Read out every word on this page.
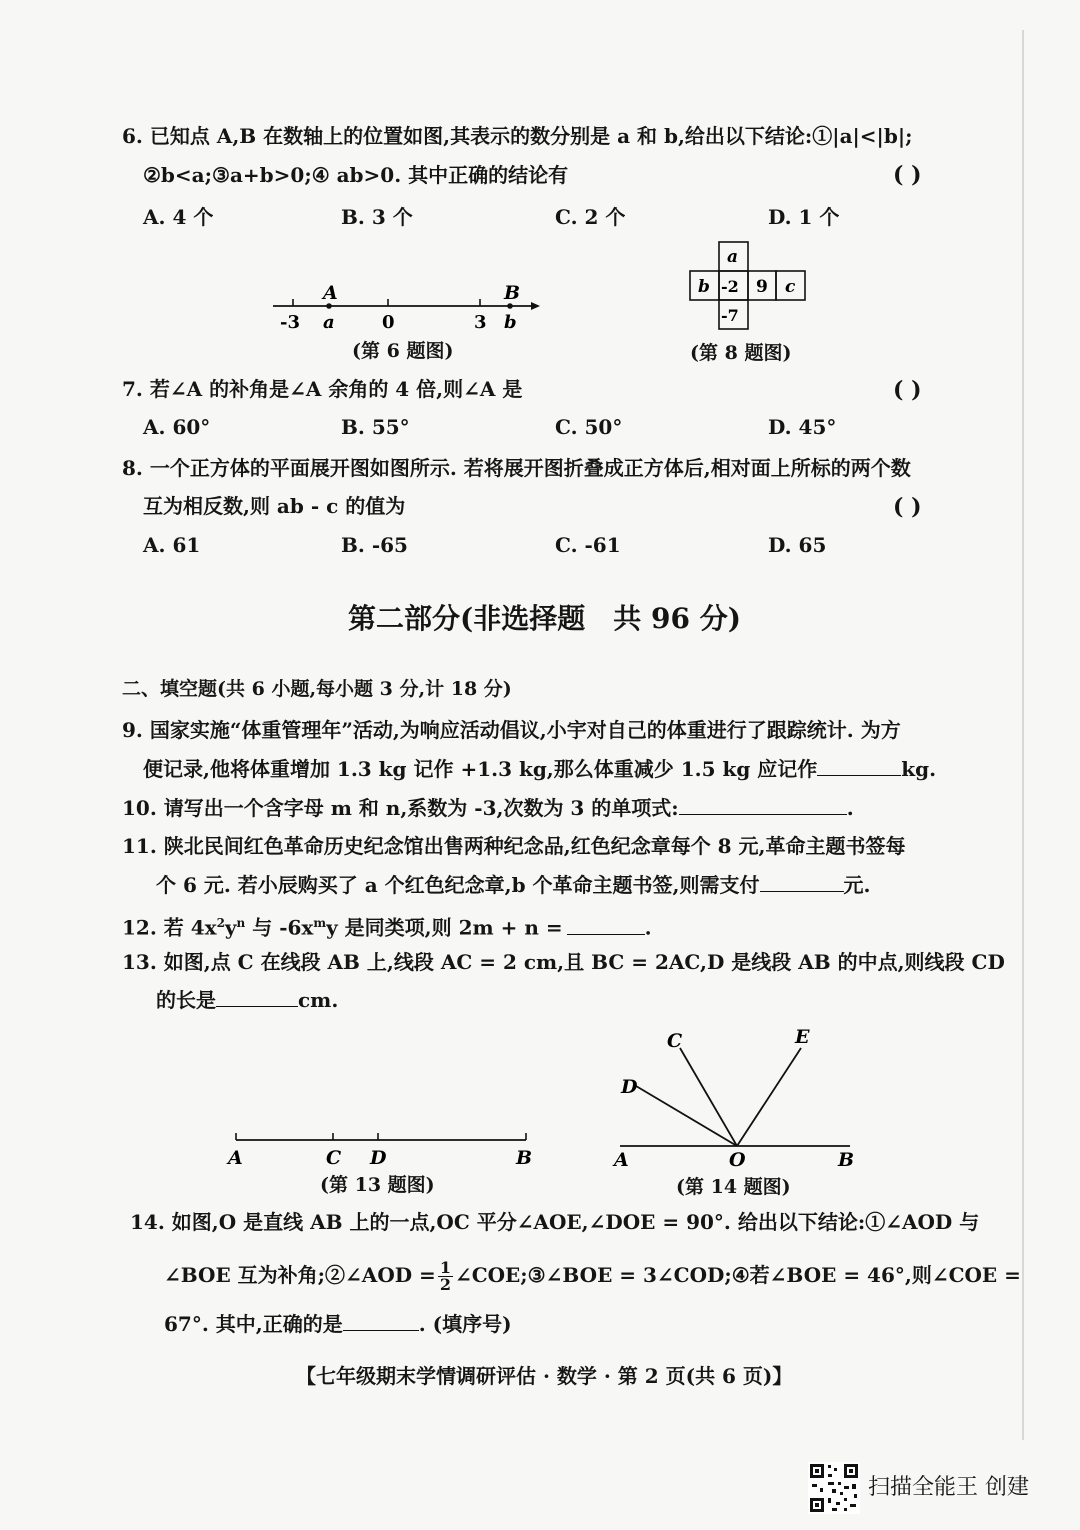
6. 已知点 A,B 在数轴上的位置如图,其表示的数分别是 a 和 b,给出以下结论:①|a|<|b|;
②b<a;③a+b>0;④ ab>0. 其中正确的结论有	( )
A. 4 个	B. 3 个	C. 2 个	D. 1 个
A	B
-3 a	0	3 b
(第 6 题图)
a
b -2 9 c
-7
(第 8 题图)
7. 若∠A 的补角是∠A 余角的 4 倍,则∠A 是	( )
A. 60°	B. 55°	C. 50°	D. 45°
8. 一个正方体的平面展开图如图所示. 若将展开图折叠成正方体后,相对面上所标的两个数
互为相反数,则 ab - c 的值为	( )
A. 61	B. -65	C. -61	D. 65
第二部分(非选择题　共 96 分)
二、填空题(共 6 小题,每小题 3 分,计 18 分)
9. 国家实施“体重管理年”活动,为响应活动倡议,小宇对自己的体重进行了跟踪统计. 为方
便记录,他将体重增加 1.3 kg 记作 +1.3 kg,那么体重减少 1.5 kg 应记作	kg.
10. 请写出一个含字母 m 和 n,系数为 -3,次数为 3 的单项式:	.
11. 陕北民间红色革命历史纪念馆出售两种纪念品,红色纪念章每个 8 元,革命主题书签每
个 6 元. 若小辰购买了 a 个红色纪念章,b 个革命主题书签,则需支付	元.
12. 若 $4x^2y^n$ 与 $-6x^my$ 是同类项,则 2m + n =	.
13. 如图,点 C 在线段 AB 上,线段 AC = 2 cm,且 BC = 2AC,D 是线段 AB 的中点,则线段 CD
的长是	cm.
A	C D	B
(第 13 题图)
C	E
D
A	O	B
(第 14 题图)
14. 如图,O 是直线 AB 上的一点,OC 平分∠AOE,∠DOE = 90°. 给出以下结论:①∠AOD 与
∠BOE 互为补角;②∠AOD = $\frac{1}{2}$ ∠COE;③∠BOE = 3∠COD;④若∠BOE = 46°,则∠COE =
67°. 其中,正确的是	. (填序号)
【七年级期末学情调研评估 · 数学 · 第 2 页(共 6 页)】
扫描全能王 创建
